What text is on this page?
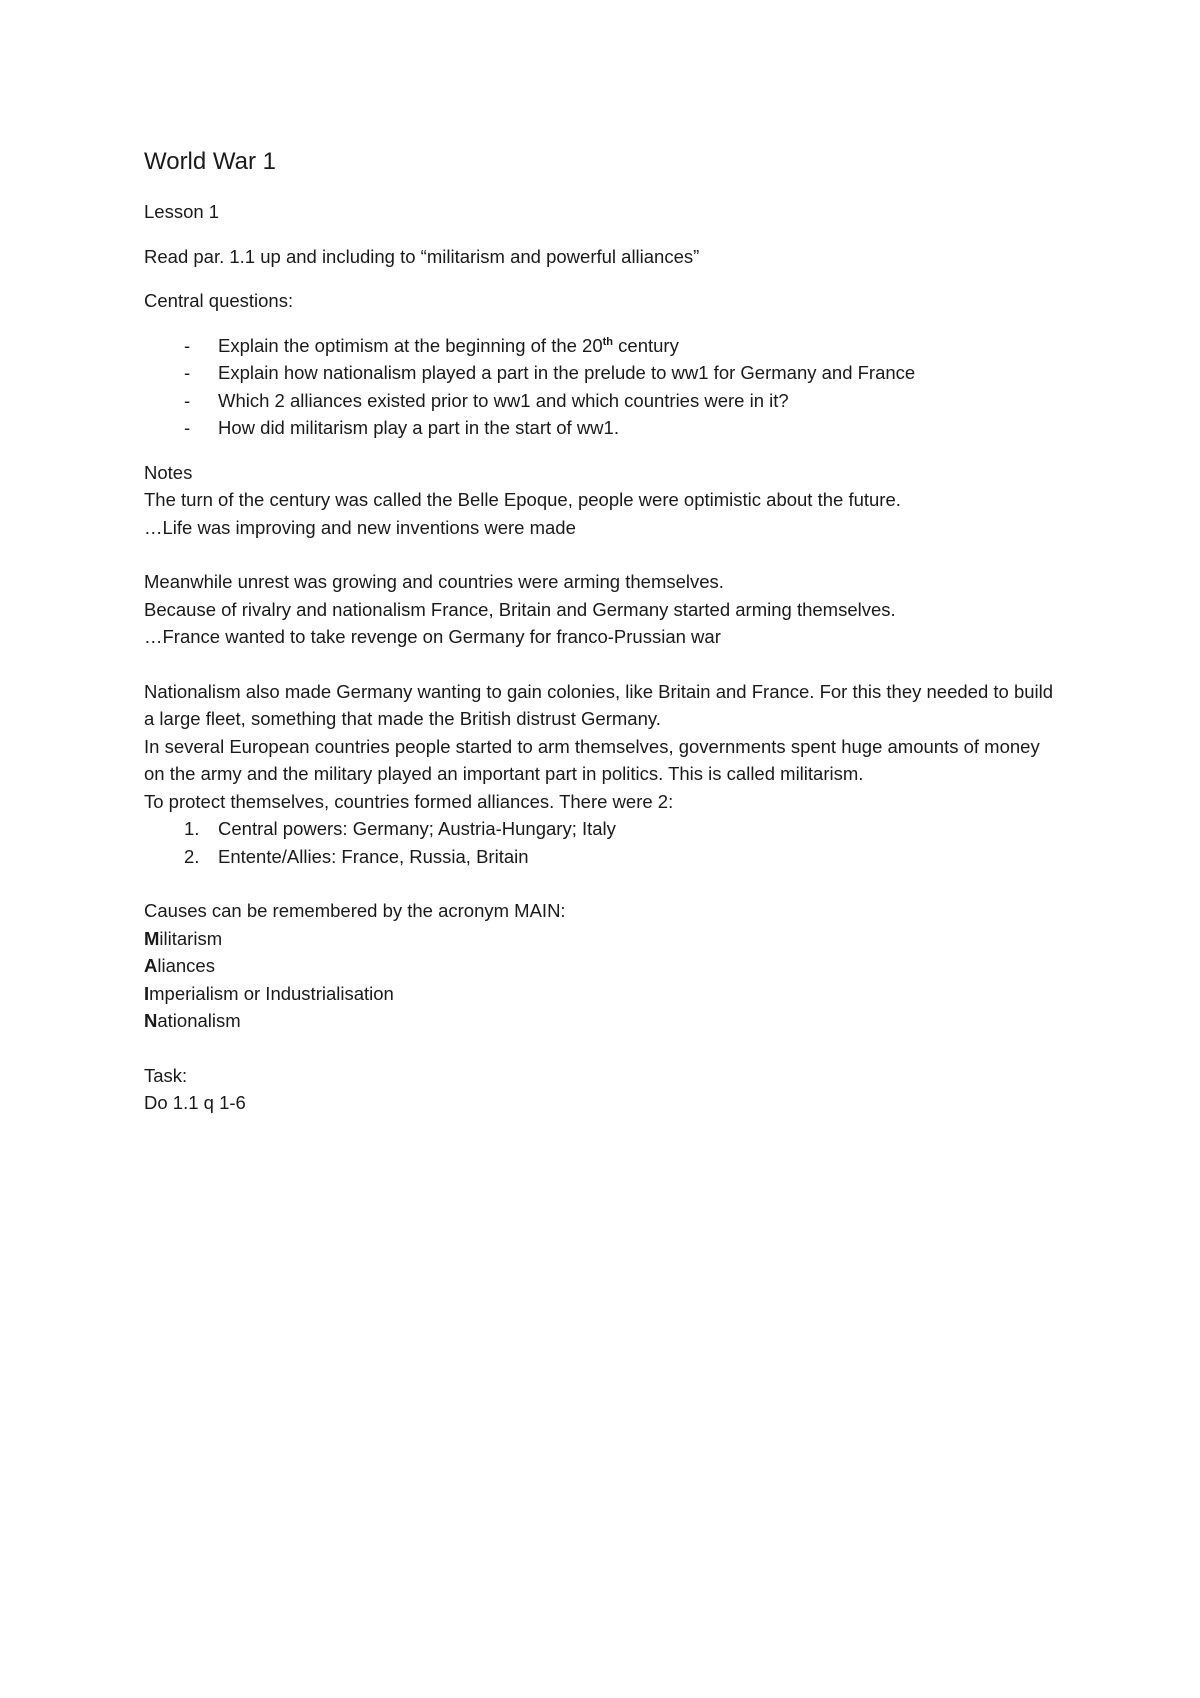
World War 1

Lesson 1

Read par. 1.1 up and including to “militarism and powerful alliances”

Central questions:

- Explain the optimism at the beginning of the 20th century
- Explain how nationalism played a part in the prelude to ww1 for Germany and France
- Which 2 alliances existed prior to ww1 and which countries were in it?
- How did militarism play a part in the start of ww1.

Notes

The turn of the century was called the Belle Epoque, people were optimistic about the future.

…Life was improving and new inventions were made

Meanwhile unrest was growing and countries were arming themselves.

Because of rivalry and nationalism France, Britain and Germany started arming themselves.

…France wanted to take revenge on Germany for franco-Prussian war

Nationalism also made Germany wanting to gain colonies, like Britain and France. For this they needed to build a large fleet, something that made the British distrust Germany.

In several European countries people started to arm themselves, governments spent huge amounts of money on the army and the military played an important part in politics. This is called militarism.

To protect themselves, countries formed alliances. There were 2:

1. Central powers: Germany; Austria-Hungary; Italy
2. Entente/Allies: France, Russia, Britain

Causes can be remembered by the acronym MAIN:

Militarism

Aliances

Imperialism or Industrialisation

Nationalism

Task:

Do 1.1 q 1-6
